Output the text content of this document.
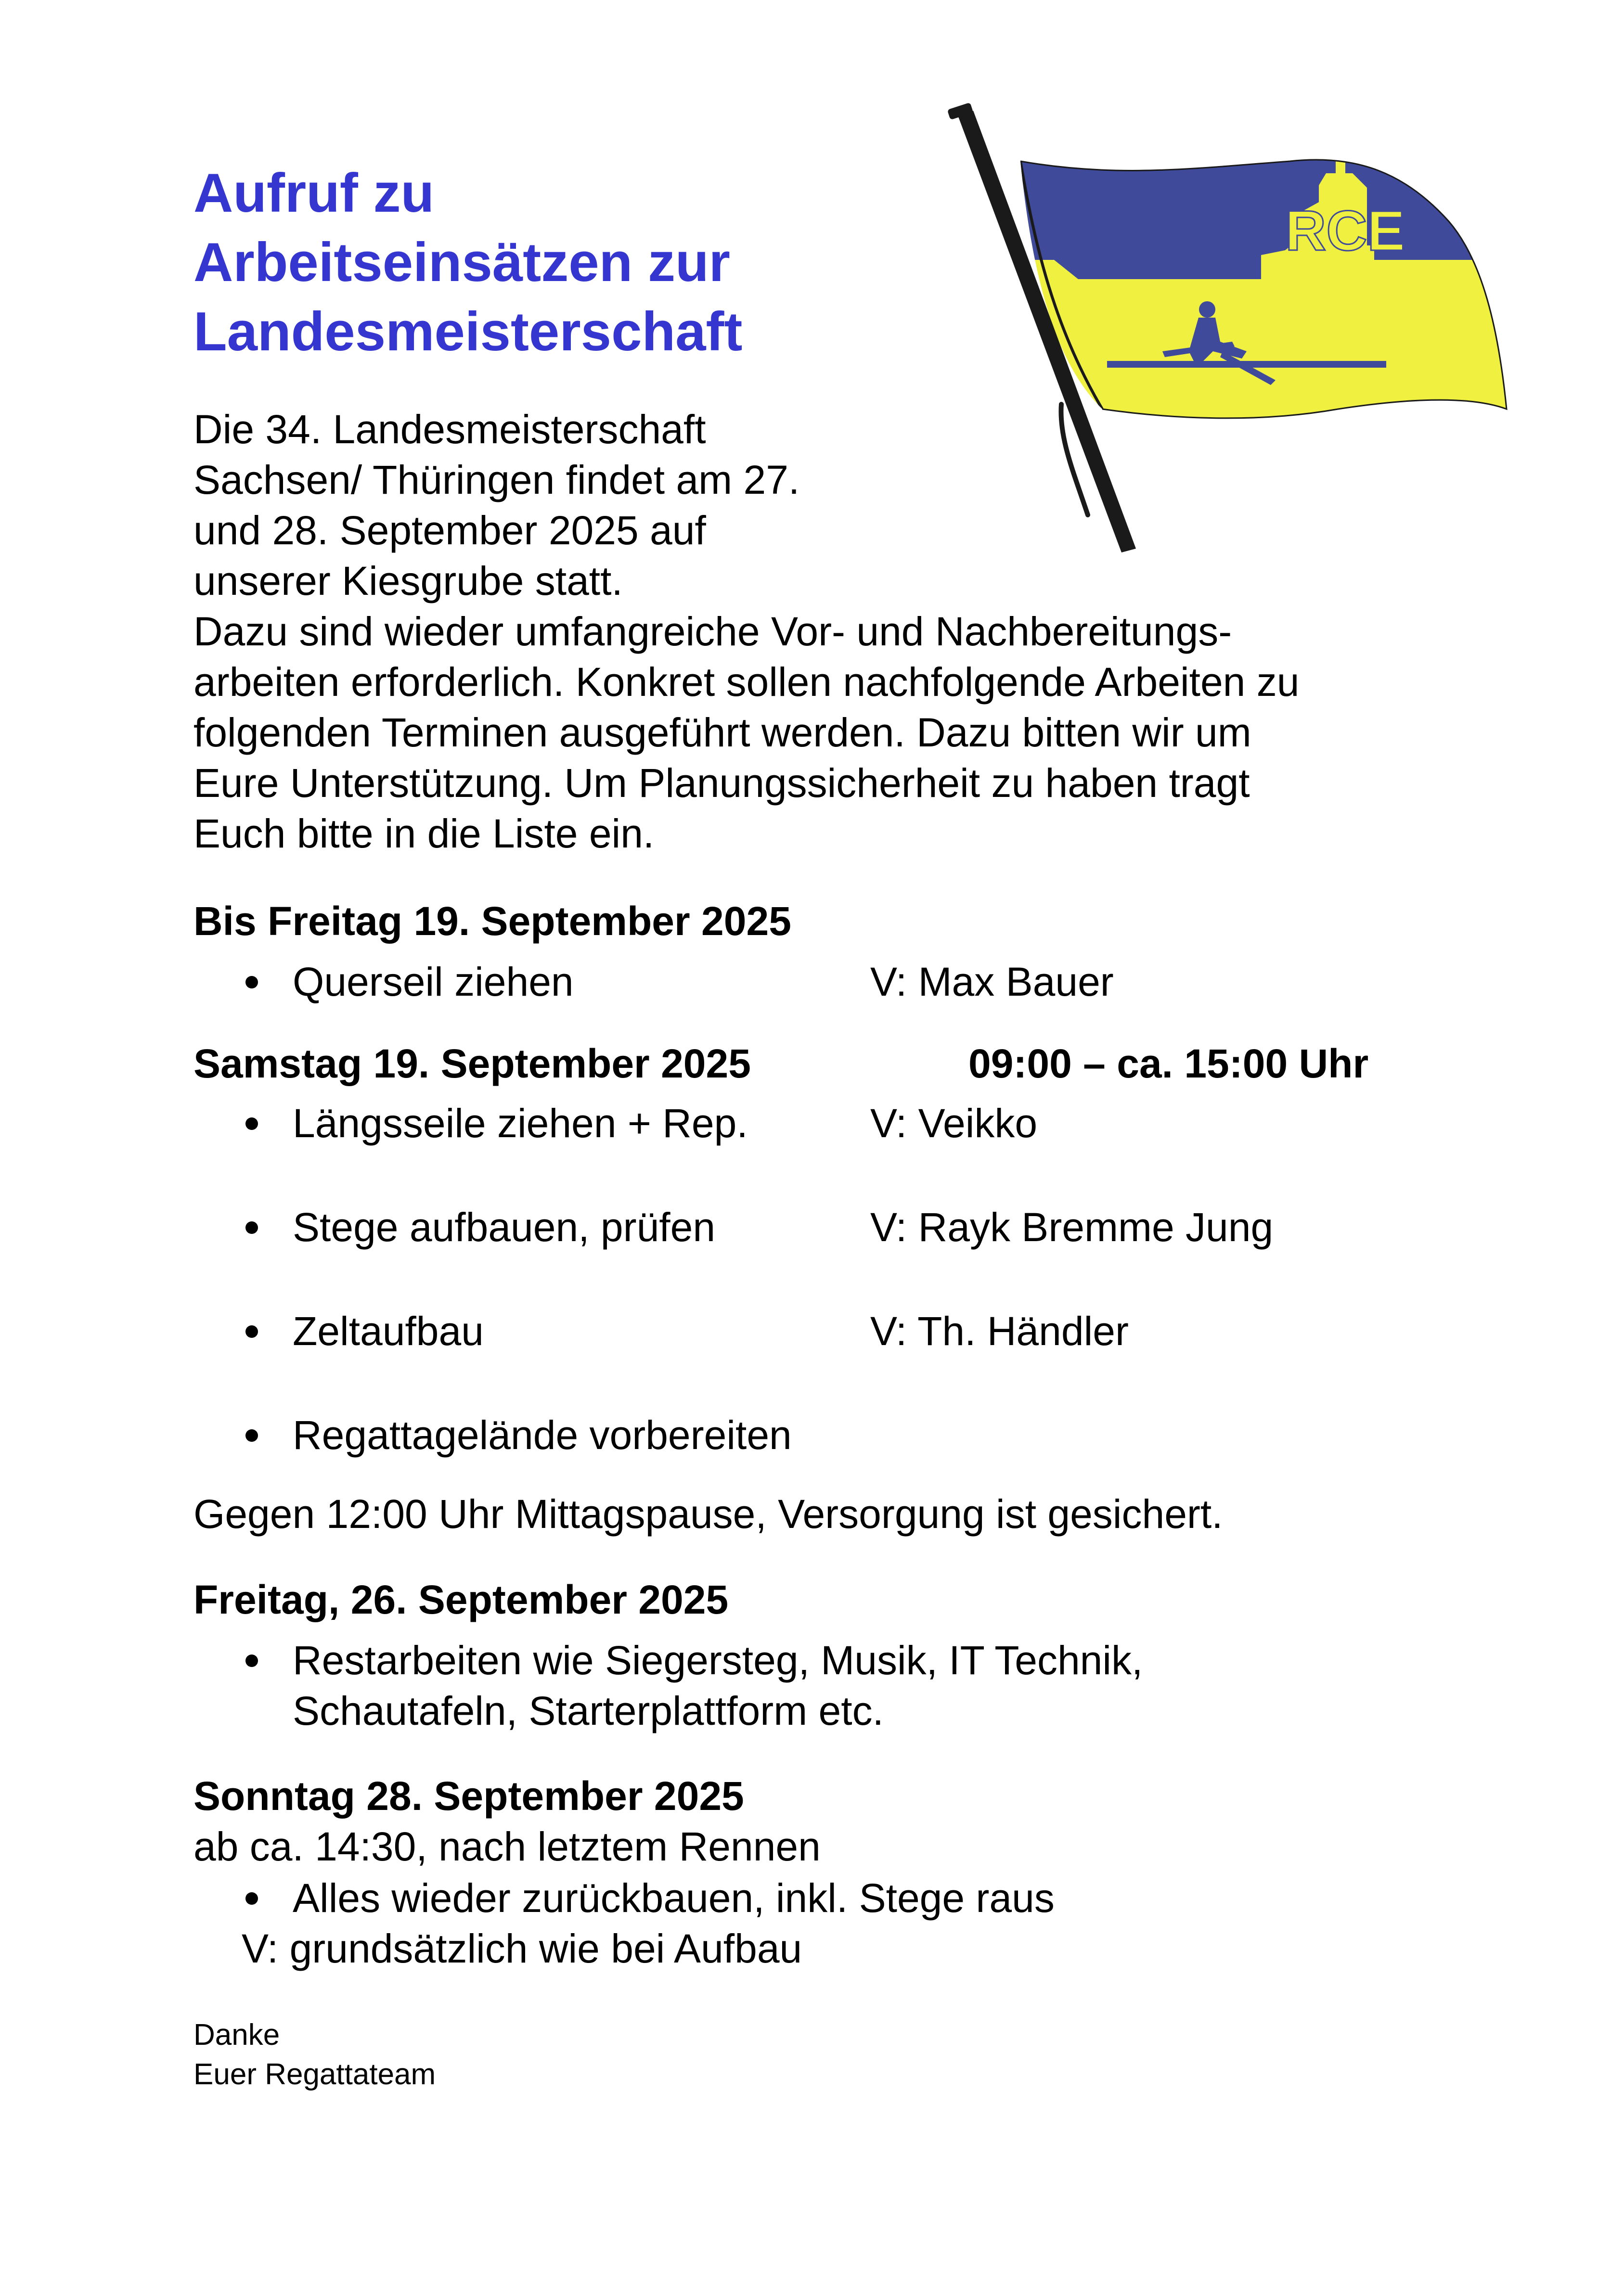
Aufruf zu
Arbeitseinsätzen zur
Landesmeisterschaft
RCE
Die 34. Landesmeisterschaft
Sachsen/ Thüringen findet am 27.
und 28. September 2025 auf
unserer Kiesgrube statt.
Dazu sind wieder umfangreiche Vor- und Nachbereitungs-
arbeiten erforderlich. Konkret sollen nachfolgende Arbeiten zu
folgenden Terminen ausgeführt werden. Dazu bitten wir um
Eure Unterstützung. Um Planungssicherheit zu haben tragt
Euch bitte in die Liste ein.
Bis Freitag 19. September 2025
Querseil ziehen	V: Max Bauer
Samstag 19. September 2025	09:00 – ca. 15:00 Uhr
Längsseile ziehen + Rep.	V: Veikko
Stege aufbauen, prüfen	V: Rayk Bremme Jung
Zeltaufbau	V: Th. Händler
Regattagelände vorbereiten
Gegen 12:00 Uhr Mittagspause, Versorgung ist gesichert.
Freitag, 26. September 2025
Restarbeiten wie Siegersteg, Musik, IT Technik,
Schautafeln, Starterplattform etc.
Sonntag 28. September 2025
ab ca. 14:30, nach letztem Rennen
Alles wieder zurückbauen, inkl. Stege raus
V: grundsätzlich wie bei Aufbau
Danke
Euer Regattateam
